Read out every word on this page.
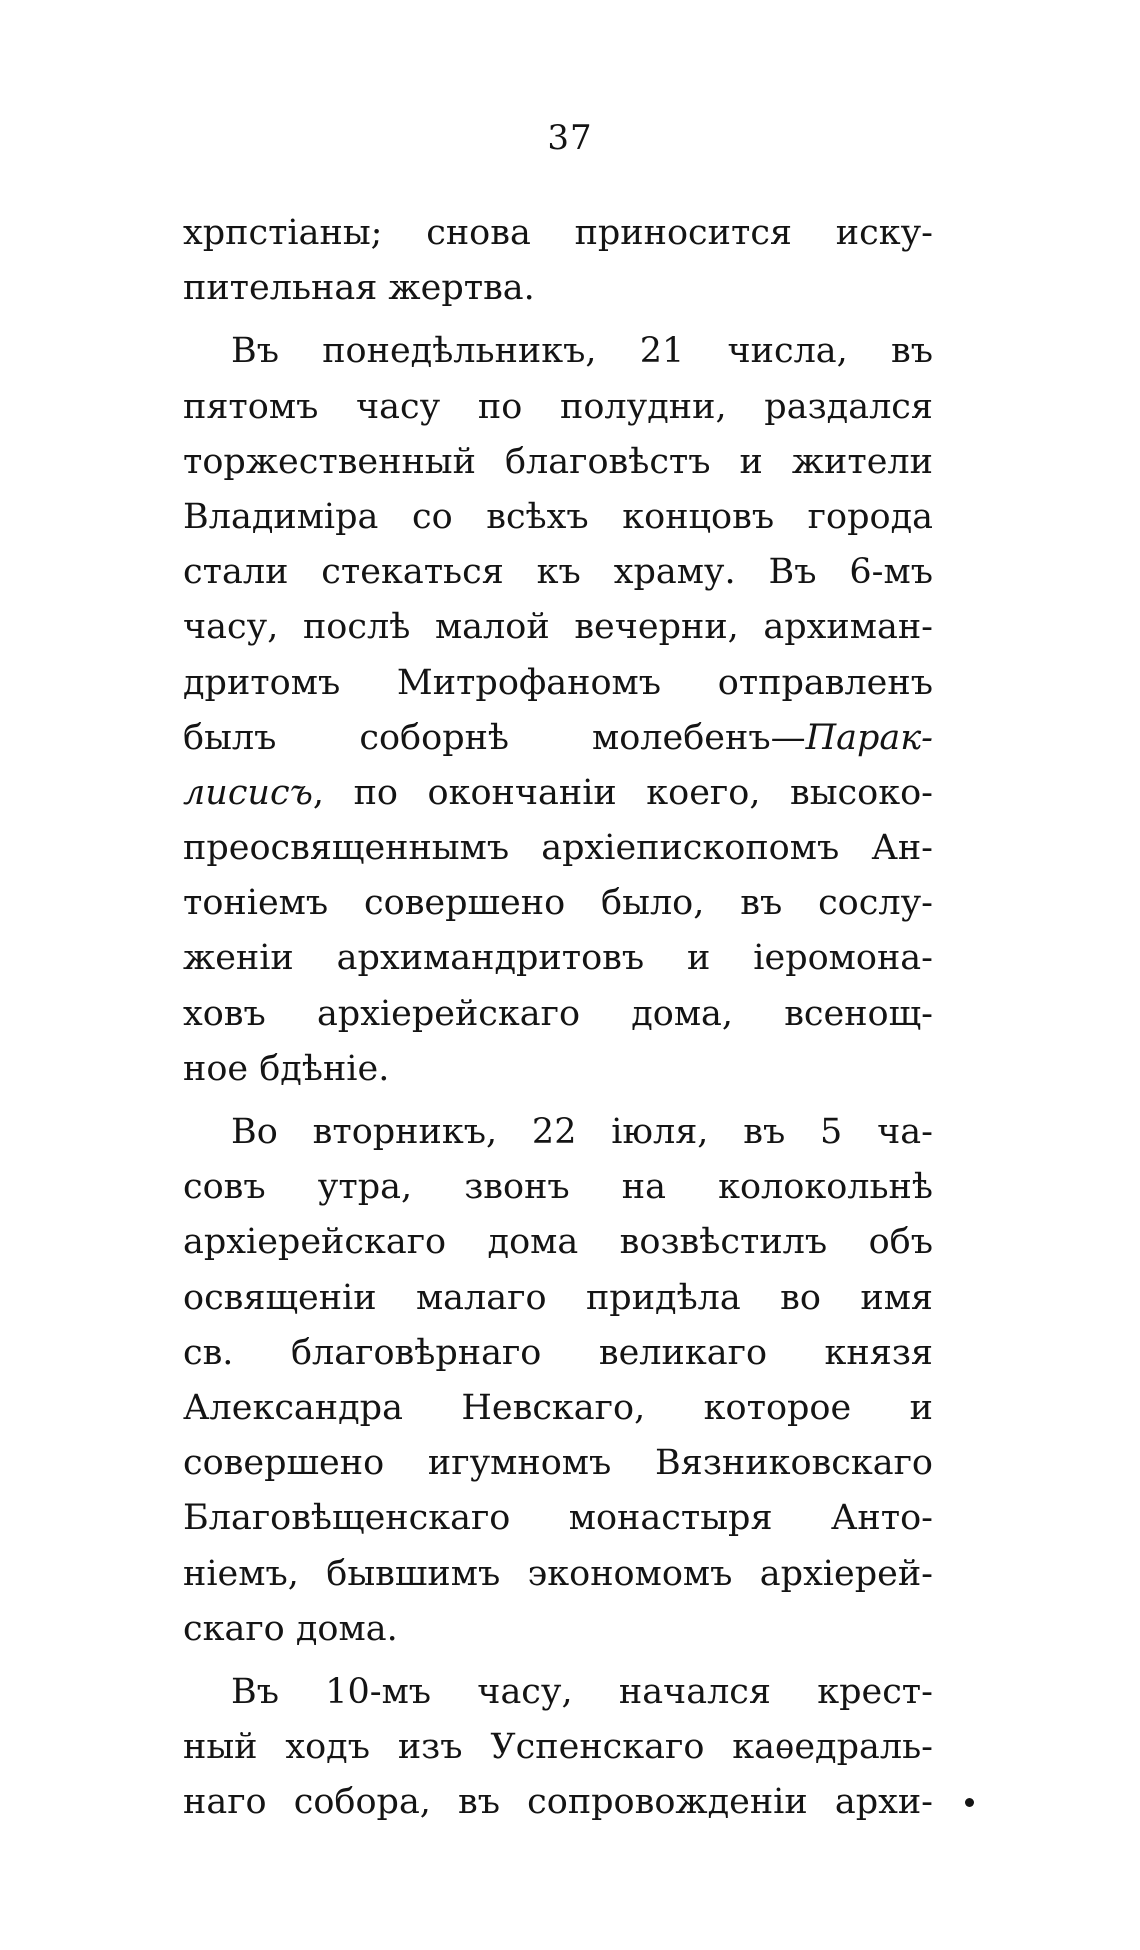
37
хрпстіаны; снова приносится иску-
пительная жертва.
Въ понедѣльникъ, 21 числа, въ
пятомъ часу по полудни, раздался
торжественный благовѣстъ и жители
Владиміра со всѣхъ концовъ города
стали стекаться къ храму. Въ 6-мъ
часу, послѣ малой вечерни, архиман-
дритомъ Митрофаномъ отправленъ
былъ соборнѣ молебенъ—Парак-
лисисъ, по окончаніи коего, высоко-
преосвященнымъ архіепископомъ Ан-
тоніемъ совершено было, въ сослу-
женіи архимандритовъ и іеромона-
ховъ архіерейскаго дома, всенощ-
ное бдѣніе.
Во вторникъ, 22 іюля, въ 5 ча-
совъ утра, звонъ на колокольнѣ
архіерейскаго дома возвѣстилъ объ
освященіи малаго придѣла во имя
св. благовѣрнаго великаго князя
Александра Невскаго, которое и
совершено игумномъ Вязниковскаго
Благовѣщенскаго монастыря Анто-
ніемъ, бывшимъ экономомъ архіерей-
скаго дома.
Въ 10-мъ часу, начался крест-
ный ходъ изъ Успенскаго каѳедраль-
наго собора, въ сопровожденіи архи-
